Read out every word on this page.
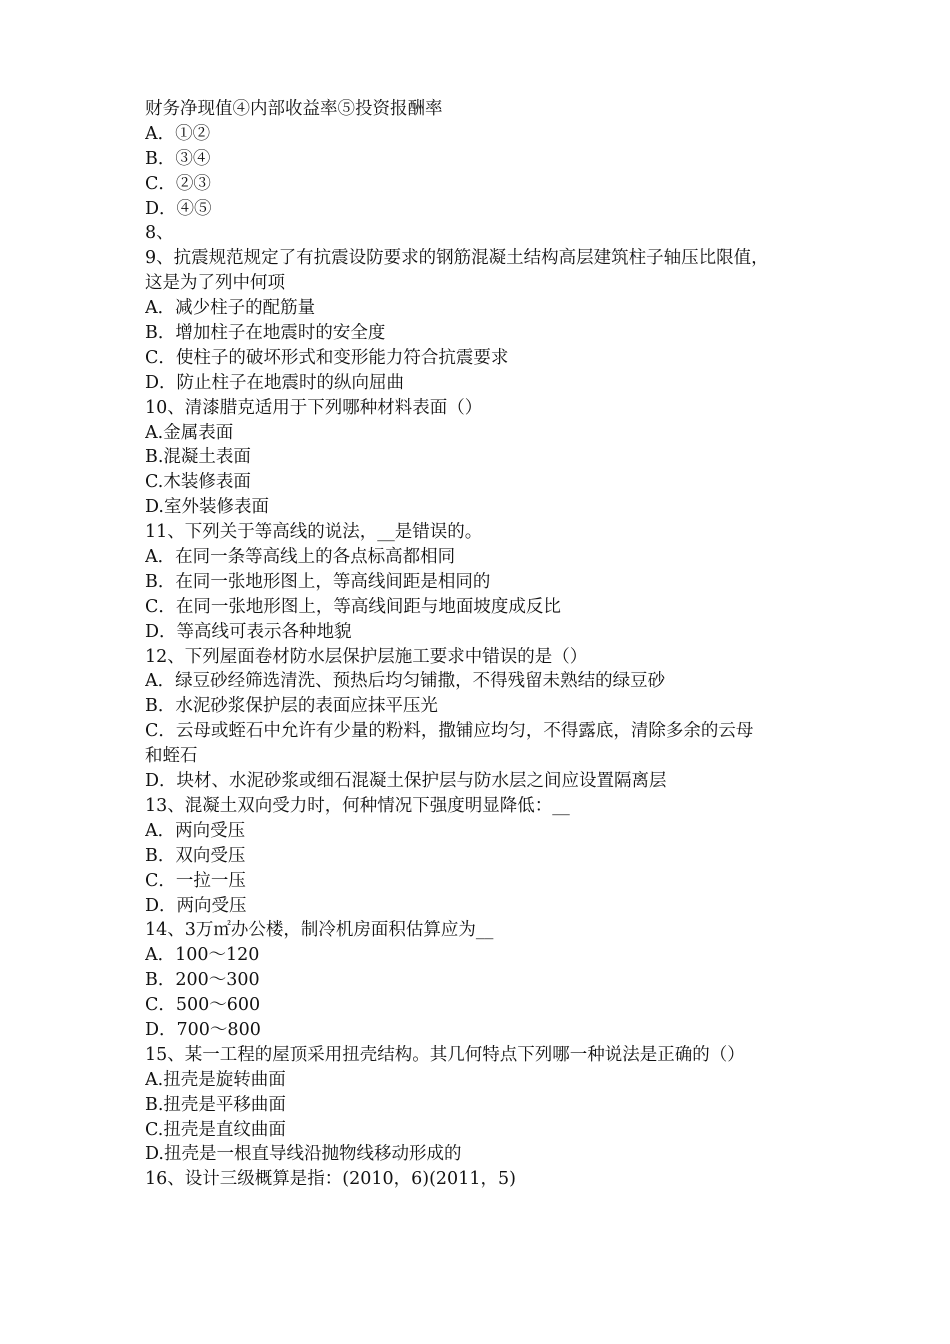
财务净现值④内部收益率⑤投资报酬率
A．①②
B．③④
C．②③
D．④⑤
8、
9、抗震规范规定了有抗震设防要求的钢筋混凝土结构高层建筑柱子轴压比限值，
这是为了列中何项
A．减少柱子的配筋量
B．增加柱子在地震时的安全度
C．使柱子的破坏形式和变形能力符合抗震要求
D．防止柱子在地震时的纵向屈曲
10、清漆腊克适用于下列哪种材料表面（）
A.金属表面
B.混凝土表面
C.木装修表面
D.室外装修表面
11、下列关于等高线的说法，__是错误的。
A．在同一条等高线上的各点标高都相同
B．在同一张地形图上，等高线间距是相同的
C．在同一张地形图上，等高线间距与地面坡度成反比
D．等高线可表示各种地貌
12、下列屋面卷材防水层保护层施工要求中错误的是（）
A．绿豆砂经筛选清洗、预热后均匀铺撒，不得残留未熟结的绿豆砂
B．水泥砂浆保护层的表面应抹平压光
C．云母或蛭石中允许有少量的粉料，撒铺应均匀，不得露底，清除多余的云母
和蛭石
D．块材、水泥砂浆或细石混凝土保护层与防水层之间应设置隔离层
13、混凝土双向受力时，何种情况下强度明显降低：__
A．两向受压
B．双向受压
C．一拉一压
D．两向受压
14、3万㎡办公楼，制冷机房面积估算应为__
A．100～120
B．200～300
C．500～600
D．700～800
15、某一工程的屋顶采用扭壳结构。其几何特点下列哪一种说法是正确的（）
A.扭壳是旋转曲面
B.扭壳是平移曲面
C.扭壳是直纹曲面
D.扭壳是一根直导线沿抛物线移动形成的
16、设计三级概算是指：(2010，6)(2011，5)
